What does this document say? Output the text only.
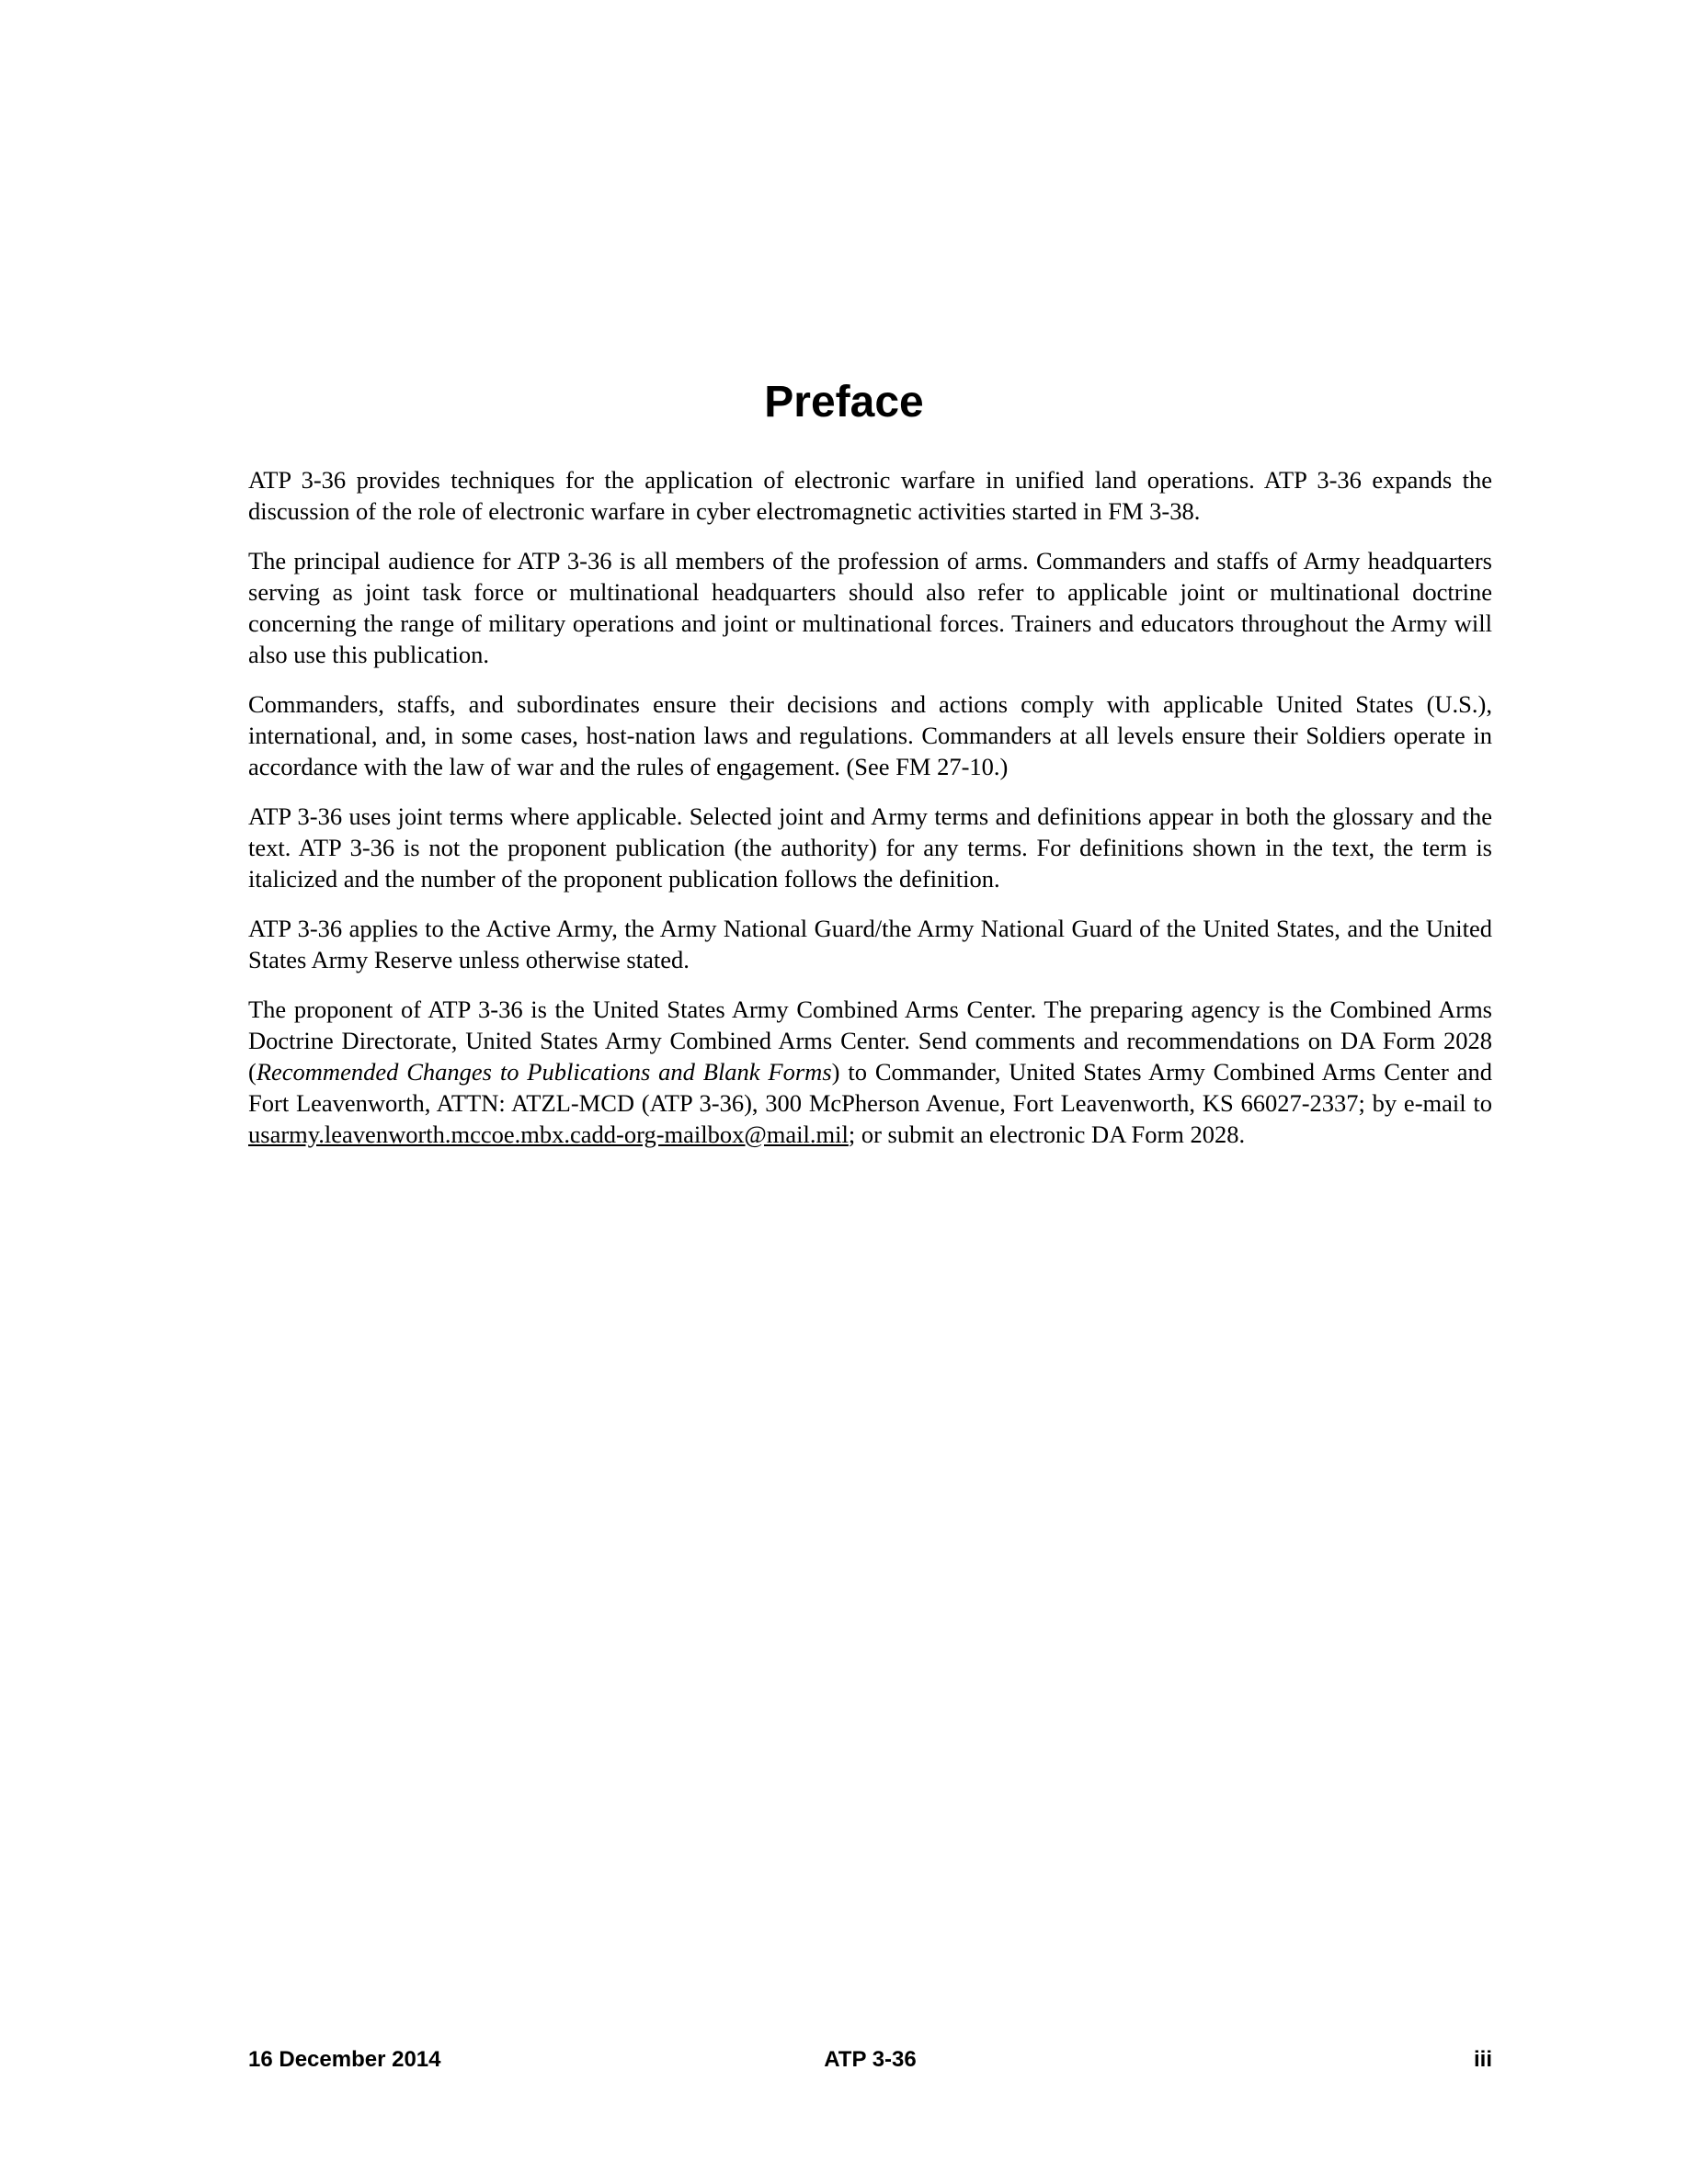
Preface

ATP 3-36 provides techniques for the application of electronic warfare in unified land operations. ATP 3-36 expands the discussion of the role of electronic warfare in cyber electromagnetic activities started in FM 3-38.

The principal audience for ATP 3-36 is all members of the profession of arms. Commanders and staffs of Army headquarters serving as joint task force or multinational headquarters should also refer to applicable joint or multinational doctrine concerning the range of military operations and joint or multinational forces. Trainers and educators throughout the Army will also use this publication.

Commanders, staffs, and subordinates ensure their decisions and actions comply with applicable United States (U.S.), international, and, in some cases, host-nation laws and regulations. Commanders at all levels ensure their Soldiers operate in accordance with the law of war and the rules of engagement. (See FM 27-10.)

ATP 3-36 uses joint terms where applicable. Selected joint and Army terms and definitions appear in both the glossary and the text. ATP 3-36 is not the proponent publication (the authority) for any terms. For definitions shown in the text, the term is italicized and the number of the proponent publication follows the definition.

ATP 3-36 applies to the Active Army, the Army National Guard/the Army National Guard of the United States, and the United States Army Reserve unless otherwise stated.

The proponent of ATP 3-36 is the United States Army Combined Arms Center. The preparing agency is the Combined Arms Doctrine Directorate, United States Army Combined Arms Center. Send comments and recommendations on DA Form 2028 (Recommended Changes to Publications and Blank Forms) to Commander, United States Army Combined Arms Center and Fort Leavenworth, ATTN: ATZL-MCD (ATP 3-36), 300 McPherson Avenue, Fort Leavenworth, KS 66027-2337; by e-mail to usarmy.leavenworth.mccoe.mbx.cadd-org-mailbox@mail.mil; or submit an electronic DA Form 2028.

16 December 2014	ATP 3-36	iii
